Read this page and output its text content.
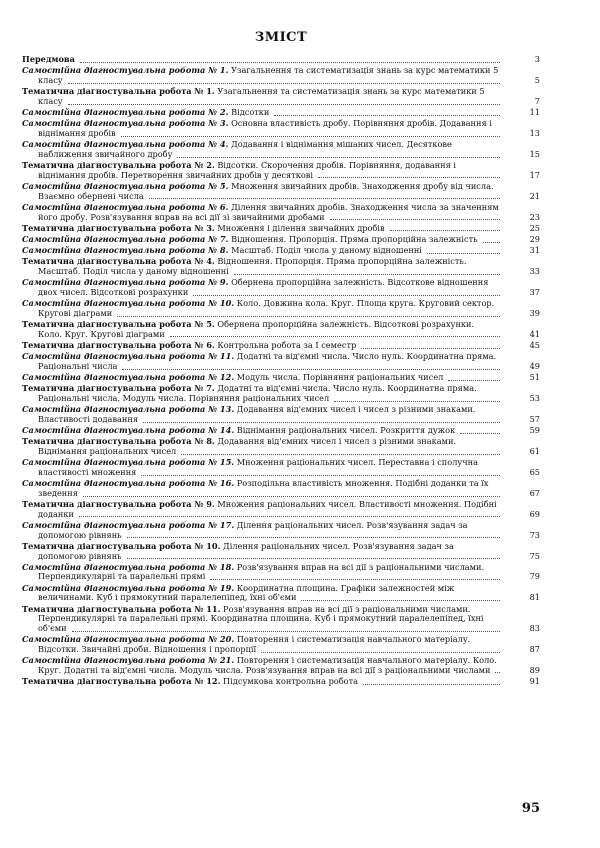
ЗМІСТ
Передмова	3
Самостійна діагностувальна робота № 1. Узагальнення та систематизація знань за курс математики 5 класу	5
Тематична діагностувальна робота № 1. Узагальнення та систематизація знань за курс математики 5 класу	7
Самостійна діагностувальна робота № 2. Відсотки	11
Самостійна діагностувальна робота № 3. Основна властивість дробу. Порівняння дробів. Додавання і віднімання дробів	13
Самостійна діагностувальна робота № 4. Додавання і віднімання мішаних чисел. Десяткове наближення звичайного дробу	15
Тематична діагностувальна робота № 2. Відсотки. Скорочення дробів. Порівняння, додавання і віднімання дробів. Перетворення звичайних дробів у десяткові	17
Самостійна діагностувальна робота № 5. Множення звичайних дробів. Знаходження дробу від числа. Взаємно обернені числа	21
Самостійна діагностувальна робота № 6. Ділення звичайних дробів. Знаходження числа за значенням його дробу. Розв'язування вправ на всі дії зі звичайними дробами	23
Тематична діагностувальна робота № 3. Множення і ділення звичайних дробів	25
Самостійна діагностувальна робота № 7. Відношення. Пропорція. Пряма пропорційна залежність	29
Самостійна діагностувальна робота № 8. Масштаб. Поділ числа у даному відношенні	31
Тематична діагностувальна робота № 4. Відношення. Пропорція. Пряма пропорційна залежність. Масштаб. Поділ числа у даному відношенні	33
Самостійна діагностувальна робота № 9. Обернена пропорційна залежність. Відсоткове відношення двох чисел. Відсоткові розрахунки	37
Самостійна діагностувальна робота № 10. Коло. Довжина кола. Круг. Площа круга. Круговий сектор. Кругові діаграми	39
Тематична діагностувальна робота № 5. Обернена пропорційна залежність. Відсоткові розрахунки. Коло. Круг. Кругові діаграми	41
Тематична діагностувальна робота № 6. Контрольна робота за I семестр	45
Самостійна діагностувальна робота № 11. Додатні та від'ємні числа. Число нуль. Координатна пряма. Раціональні числа	49
Самостійна діагностувальна робота № 12. Модуль числа. Порівняння раціональних чисел	51
Тематична діагностувальна робота № 7. Додатні та від'ємні числа. Число нуль. Координатна пряма. Раціональні числа. Модуль числа. Порівняння раціональних чисел	53
Самостійна діагностувальна робота № 13. Додавання від'ємних чисел і чисел з різними знаками. Властивості додавання	57
Самостійна діагностувальна робота № 14. Віднімання раціональних чисел. Розкриття дужок	59
Тематична діагностувальна робота № 8. Додавання від'ємних чисел і чисел з різними знаками. Віднімання раціональних чисел	61
Самостійна діагностувальна робота № 15. Множення раціональних чисел. Переставна і сполучна властивості множення	65
Самостійна діагностувальна робота № 16. Розподільна властивість множення. Подібні доданки та їх зведення	67
Тематична діагностувальна робота № 9. Множення раціональних чисел. Властивості множення. Подібні доданки	69
Самостійна діагностувальна робота № 17. Ділення раціональних чисел. Розв'язування задач за допомогою рівнянь	73
Тематична діагностувальна робота № 10. Ділення раціональних чисел. Розв'язування задач за допомогою рівнянь	75
Самостійна діагностувальна робота № 18. Розв'язування вправ на всі дії з раціональними числами. Перпендикулярні та паралельні прямі	79
Самостійна діагностувальна робота № 19. Координатна площина. Графіки залежностей між величинами. Куб і прямокутний паралелепіпед, їхні об'єми	81
Тематична діагностувальна робота № 11. Розв'язування вправ на всі дії з раціональними числами. Перпендикулярні та паралельні прямі. Координатна площина. Куб і прямокутний паралелепіпед, їхні об'єми	83
Самостійна діагностувальна робота № 20. Повторення і систематизація навчального матеріалу. Відсотки. Звичайні дроби. Відношення і пропорції	87
Самостійна діагностувальна робота № 21. Повторення і систематизація навчального матеріалу. Коло. Круг. Додатні та від'ємні числа. Модуль числа. Розв'язування вправ на всі дії з раціональними числами	89
Тематична діагностувальна робота № 12. Підсумкова контрольна робота	91
95
